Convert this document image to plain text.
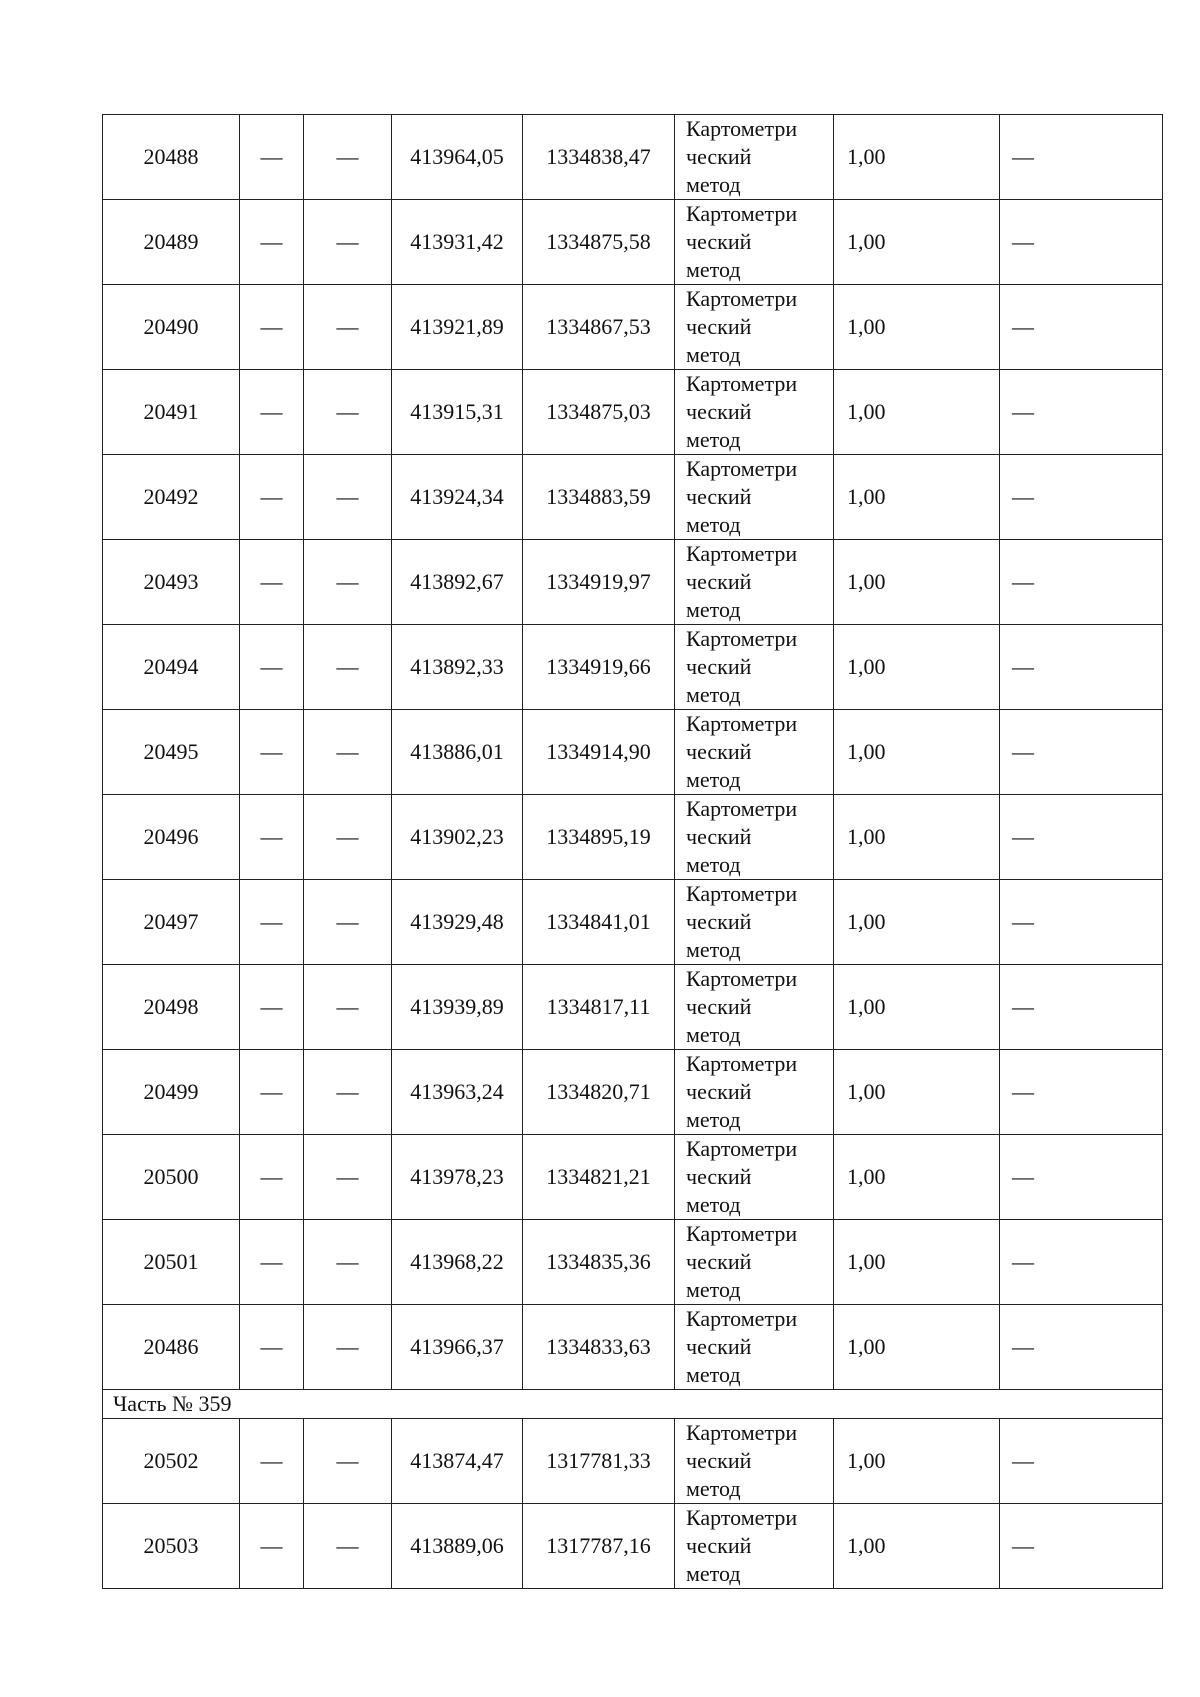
20488	—	—	413964,05	1334838,47	Картометри
ческий
метод	1,00	—
20489	—	—	413931,42	1334875,58	Картометри
ческий
метод	1,00	—
20490	—	—	413921,89	1334867,53	Картометри
ческий
метод	1,00	—
20491	—	—	413915,31	1334875,03	Картометри
ческий
метод	1,00	—
20492	—	—	413924,34	1334883,59	Картометри
ческий
метод	1,00	—
20493	—	—	413892,67	1334919,97	Картометри
ческий
метод	1,00	—
20494	—	—	413892,33	1334919,66	Картометри
ческий
метод	1,00	—
20495	—	—	413886,01	1334914,90	Картометри
ческий
метод	1,00	—
20496	—	—	413902,23	1334895,19	Картометри
ческий
метод	1,00	—
20497	—	—	413929,48	1334841,01	Картометри
ческий
метод	1,00	—
20498	—	—	413939,89	1334817,11	Картометри
ческий
метод	1,00	—
20499	—	—	413963,24	1334820,71	Картометри
ческий
метод	1,00	—
20500	—	—	413978,23	1334821,21	Картометри
ческий
метод	1,00	—
20501	—	—	413968,22	1334835,36	Картометри
ческий
метод	1,00	—
20486	—	—	413966,37	1334833,63	Картометри
ческий
метод	1,00	—
Часть № 359							
20502	—	—	413874,47	1317781,33	Картометри
ческий
метод	1,00	—
20503	—	—	413889,06	1317787,16	Картометри
ческий
метод	1,00	—
